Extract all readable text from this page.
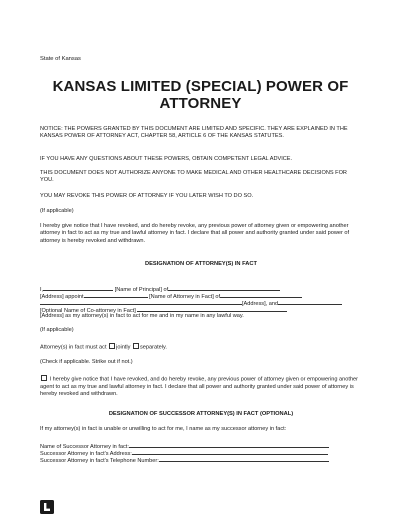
State of Kansas
KANSAS LIMITED (SPECIAL) POWER OF ATTORNEY
NOTICE: THE POWERS GRANTED BY THIS DOCUMENT ARE LIMITED AND SPECIFIC. THEY ARE EXPLAINED IN THE KANSAS POWER OF ATTORNEY ACT, CHAPTER 58, ARTICLE 6 OF THE KANSAS STATUTES.
IF YOU HAVE ANY QUESTIONS ABOUT THESE POWERS, OBTAIN COMPETENT LEGAL ADVICE.
THIS DOCUMENT DOES NOT AUTHORIZE ANYONE TO MAKE MEDICAL AND OTHER HEALTHCARE DECISIONS FOR YOU.
YOU MAY REVOKE THIS POWER OF ATTORNEY IF YOU LATER WISH TO DO SO.
(If applicable)
I hereby give notice that I have revoked, and do hereby revoke, any previous power of attorney given or empowering another attorney in fact to act as my true and lawful attorney in fact. I declare that all power and authority granted under said power of attorney is hereby revoked and withdrawn.
DESIGNATION OF ATTORNEY(S) IN FACT
I,	[Name of Principal] of
[Address] appoint	[Name of Attorney in Fact] of
[Address], and
[Optional Name of Co-attorney in Fact]
[Address] as my attorney(s) in fact to act for me and in my name in any lawful way.
(If applicable)
Attorney(s) in fact must act jointly separately.
(Check if applicable. Strike out if not.)
I hereby give notice that I have revoked, and do hereby revoke, any previous power of attorney given or empowering another agent to act as my true and lawful attorney in fact. I declare that all power and authority granted under said power of attorney is hereby revoked and withdrawn.
DESIGNATION OF SUCCESSOR ATTORNEY(S) IN FACT (OPTIONAL)
If my attorney(s) in fact is unable or unwilling to act for me, I name as my successor attorney in fact:
Name of Successor Attorney in fact:
Successor Attorney in fact's Address:
Successor Attorney in fact's Telephone Number:
